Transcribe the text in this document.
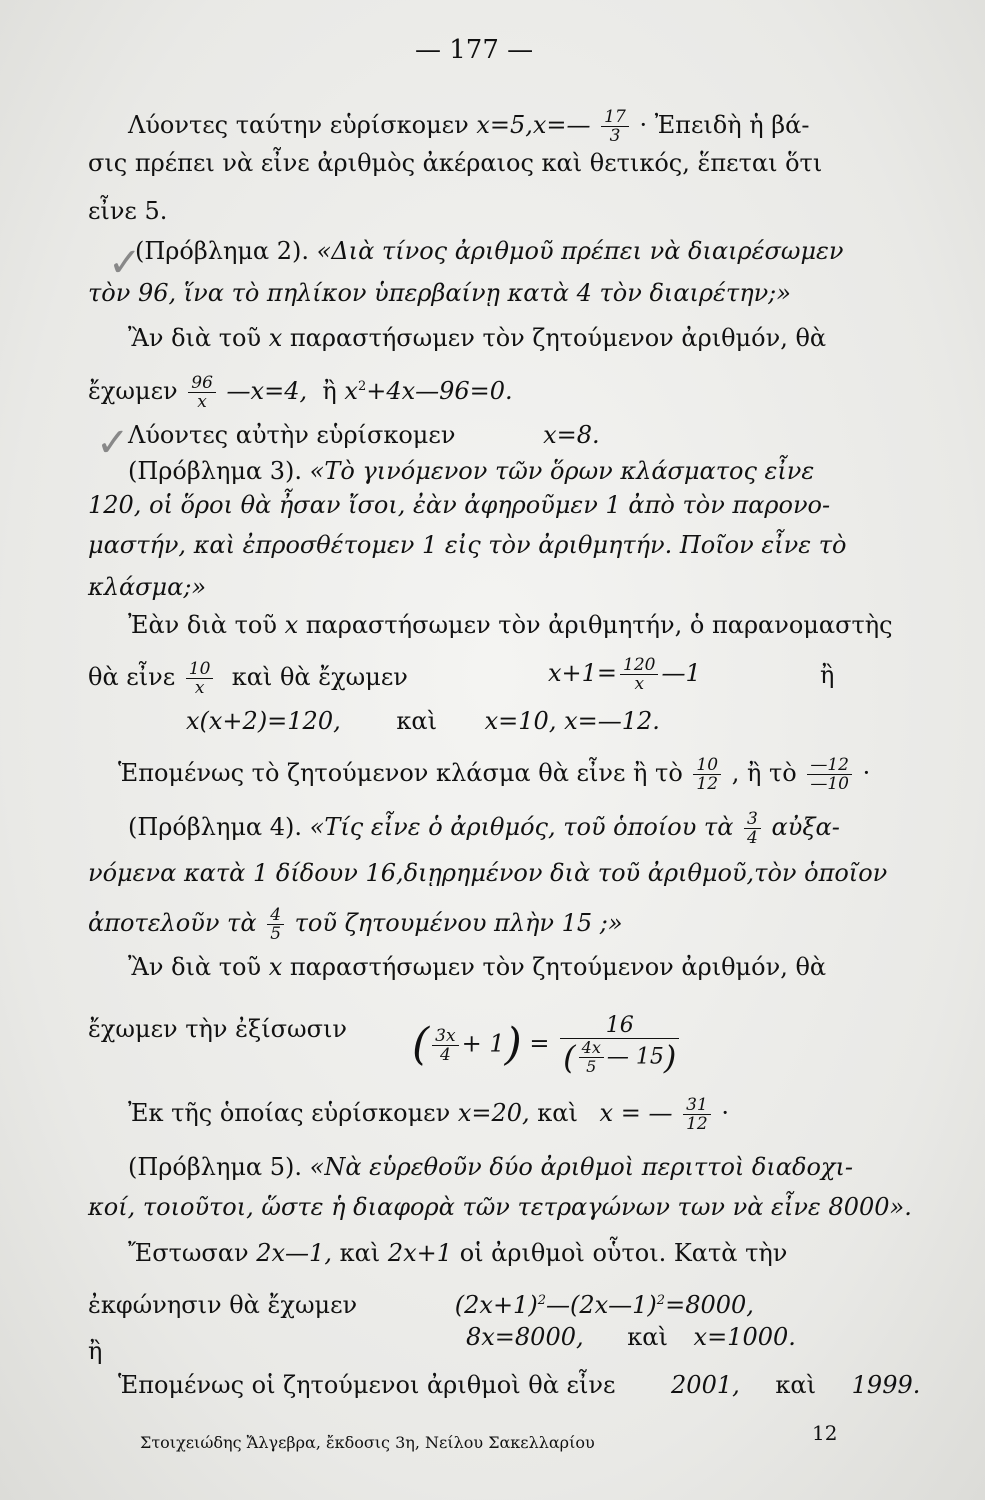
— 177 —
Λύοντες ταύτην εὑρίσκομεν x=5,x=— $\frac{17}{3}$ · Ἐπειδὴ ἡ βά-
σις πρέπει νὰ εἶνε ἀριθμὸς ἀκέραιος καὶ θετικός, ἕπεται ὅτι
εἶνε 5.
✓
(Πρόβλημα 2). «Διὰ τίνος ἀριθμοῦ πρέπει νὰ διαιρέσωμεν
τὸν 96, ἵνα τὸ πηλίκον ὑπερβαίνῃ κατὰ 4 τὸν διαιρέτην;»
Ἂν διὰ τοῦ x παραστήσωμεν τὸν ζητούμενον ἀριθμόν, θὰ
ἔχωμεν $\frac{96}{x}$ —x=4, ἢ $x^2+4x—96=0$.
✓
Λύοντες αὐτὴν εὑρίσκομεν	x=8.
(Πρόβλημα 3). «Τὸ γινόμενον τῶν ὅρων κλάσματος εἶνε
120, οἱ ὅροι θὰ ἦσαν ἴσοι, ἐὰν ἀφηροῦμεν 1 ἀπὸ τὸν παρονο-
μαστήν, καὶ ἐπροσθέτομεν 1 εἰς τὸν ἀριθμητήν. Ποῖον εἶνε τὸ
κλάσμα;»
Ἐὰν διὰ τοῦ x παραστήσωμεν τὸν ἀριθμητήν, ὁ παρανομαστὴς
θὰ εἶνε $\frac{10}{x}$ καὶ θὰ ἔχωμεν	$x+1= \frac{120}{x}$ —1	ἢ
x(x+2)=120, καὶ x=10, x=—12.
Ἑπομένως τὸ ζητούμενον κλάσμα θὰ εἶνε ἢ τὸ $\frac{10}{12}$ , ἢ τὸ $\frac{—12}{—10}$ ·
(Πρόβλημα 4). «Τίς εἶνε ὁ ἀριθμός, τοῦ ὁποίου τὰ $\frac{3}{4}$ αὐξα-
νόμενα κατὰ 1 δίδουν 16,διῃρημένον διὰ τοῦ ἀριθμοῦ,τὸν ὁποῖον
ἀποτελοῦν τὰ $\frac{4}{5}$ τοῦ ζητουμένου πλὴν 15 ;»
Ἂν διὰ τοῦ x παραστήσωμεν τὸν ζητούμενον ἀριθμόν, θὰ
ἔχωμεν τὴν ἐξίσωσιν ( $\frac{3x}{4} + 1) = \frac{16}{( \frac{4x}{5} — 15)}$
Ἐκ τῆς ὁποίας εὑρίσκομεν x=20, καὶ x = — $\frac{31}{12}$ ·
(Πρόβλημα 5). «Νὰ εὑρεθοῦν δύο ἀριθμοὶ περιττοὶ διαδοχι-
κοί, τοιοῦτοι, ὥστε ἡ διαφορὰ τῶν τετραγώνων των νὰ εἶνε 8000».
Ἔστωσαν 2x—1, καὶ 2x+1 οἱ ἀριθμοὶ οὗτοι. Κατὰ τὴν
ἐκφώνησιν θὰ ἔχωμεν	$(2x+1)^2—(2x—1)^2=8000$,
ἢ	8x=8000, καὶ x=1000.
Ἑπομένως οἱ ζητούμενοι ἀριθμοὶ θὰ εἶνε 2001, καὶ 1999.
Στοιχειώδης Ἄλγεβρα, ἔκδοσις 3η, Νείλου Σακελλαρίου	12
